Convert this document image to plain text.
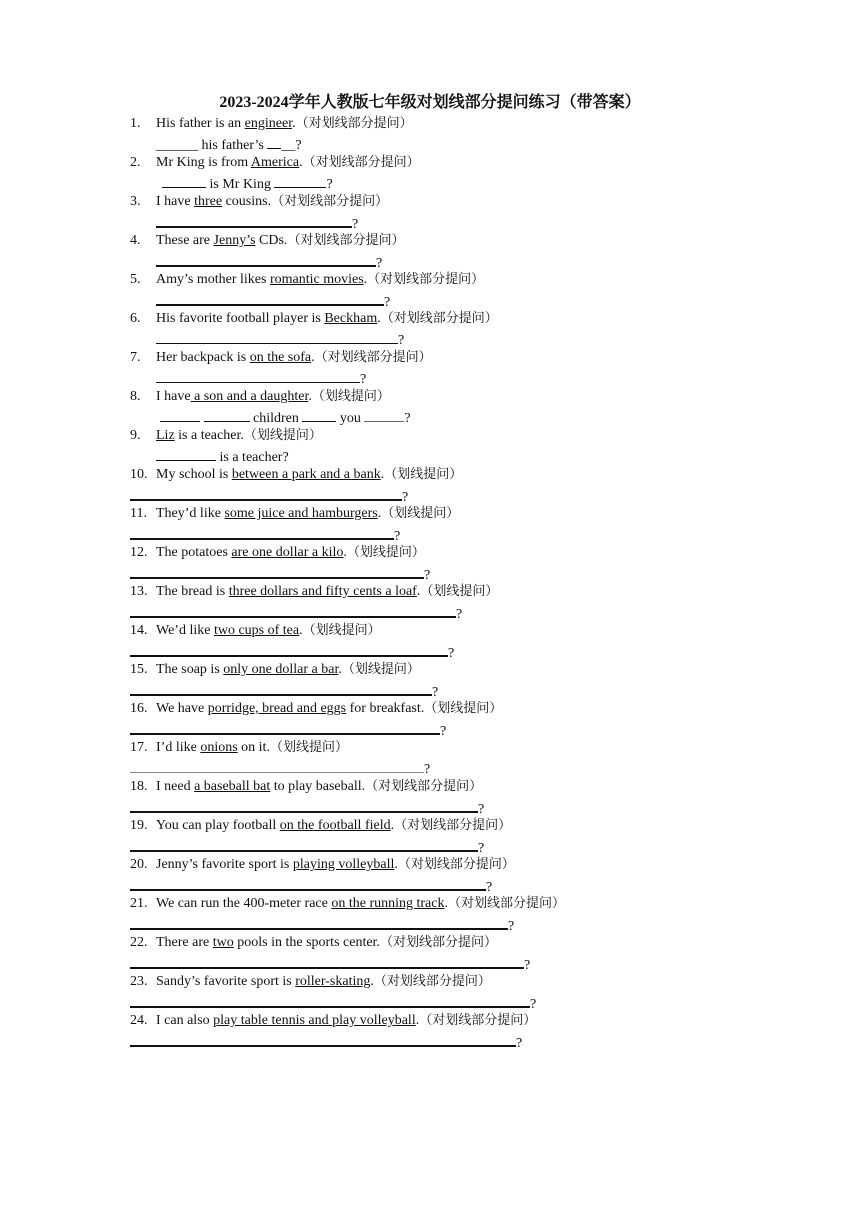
2023-2024学年人教版七年级对划线部分提问练习（带答案）
1. His father is an engineer.（对划线部分提问）
______ his father’s __?
2. Mr King is from America.（对划线部分提问）
is Mr King	?
3. I have three cousins.（对划线部分提问）
?
4. These are Jenny’s CDs.（对划线部分提问）
?
5. Amy’s mother likes romantic movies.（对划线部分提问）
?
6. His favorite football player is Beckham.（对划线部分提问）
?
7. Her backpack is on the sofa.（对划线部分提问）
?
8. I have a son and a daughter.（划线提问）
children  you	?
9. Liz is a teacher.（划线提问）
is a teacher?
10. My school is between a park and a bank.（划线提问）
?
11. They’d like some juice and hamburgers.（划线提问）
?
12. The potatoes are one dollar a kilo.（划线提问）
?
13. The bread is three dollars and fifty cents a loaf.（划线提问）
?
14. We’d like two cups of tea.（划线提问）
?
15. The soap is only one dollar a bar.（划线提问）
?
16. We have porridge, bread and eggs for breakfast.（划线提问）
?
17. I’d like onions on it.（划线提问）
?
18. I need a baseball bat to play baseball.（对划线部分提问）
?
19. You can play football on the football field.（对划线部分提问）
?
20. Jenny’s favorite sport is playing volleyball.（对划线部分提问）
?
21. We can run the 400-meter race on the running track.（对划线部分提问）
?
22. There are two pools in the sports center.（对划线部分提问）
?
23. Sandy’s favorite sport is roller-skating.（对划线部分提问）
?
24. I can also play table tennis and play volleyball.（对划线部分提问）
?
